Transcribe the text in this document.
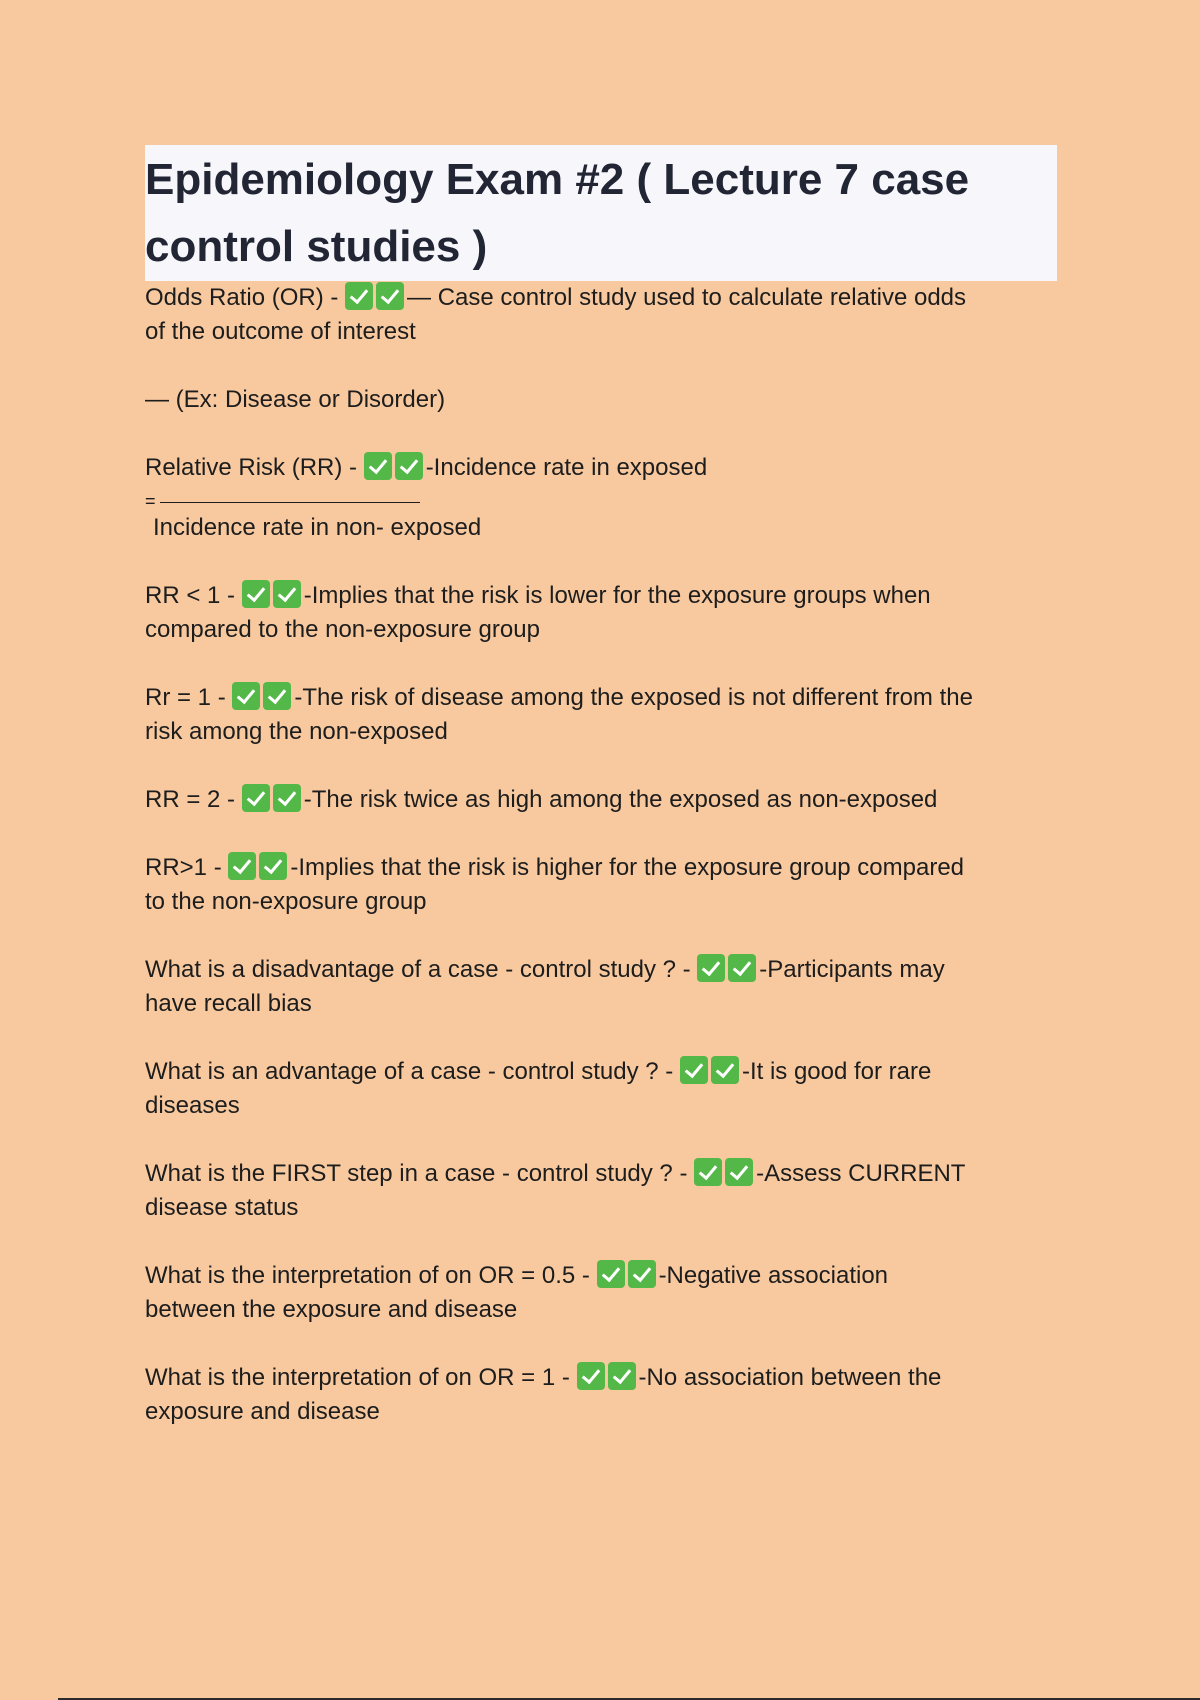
Epidemiology Exam #2 ( Lecture 7 case control studies )

Odds Ratio (OR) -	— Case control study used to calculate relative odds
of the outcome of interest

— (Ex: Disease or Disorder)

Relative Risk (RR) -	-Incidence rate in exposed

=

Incidence rate in non- exposed

RR < 1 -	-Implies that the risk is lower for the exposure groups when
compared to the non-exposure group

Rr = 1 -	-The risk of disease among the exposed is not different from the
risk among the non-exposed

RR = 2 -	-The risk twice as high among the exposed as non-exposed

RR>1 -	-Implies that the risk is higher for the exposure group compared
to the non-exposure group

What is a disadvantage of a case - control study ? -	-Participants may
have recall bias

What is an advantage of a case - control study ? -	-It is good for rare
diseases

What is the FIRST step in a case - control study ? -	-Assess CURRENT
disease status

What is the interpretation of on OR = 0.5 -	-Negative association
between the exposure and disease

What is the interpretation of on OR = 1 -	-No association between the
exposure and disease
